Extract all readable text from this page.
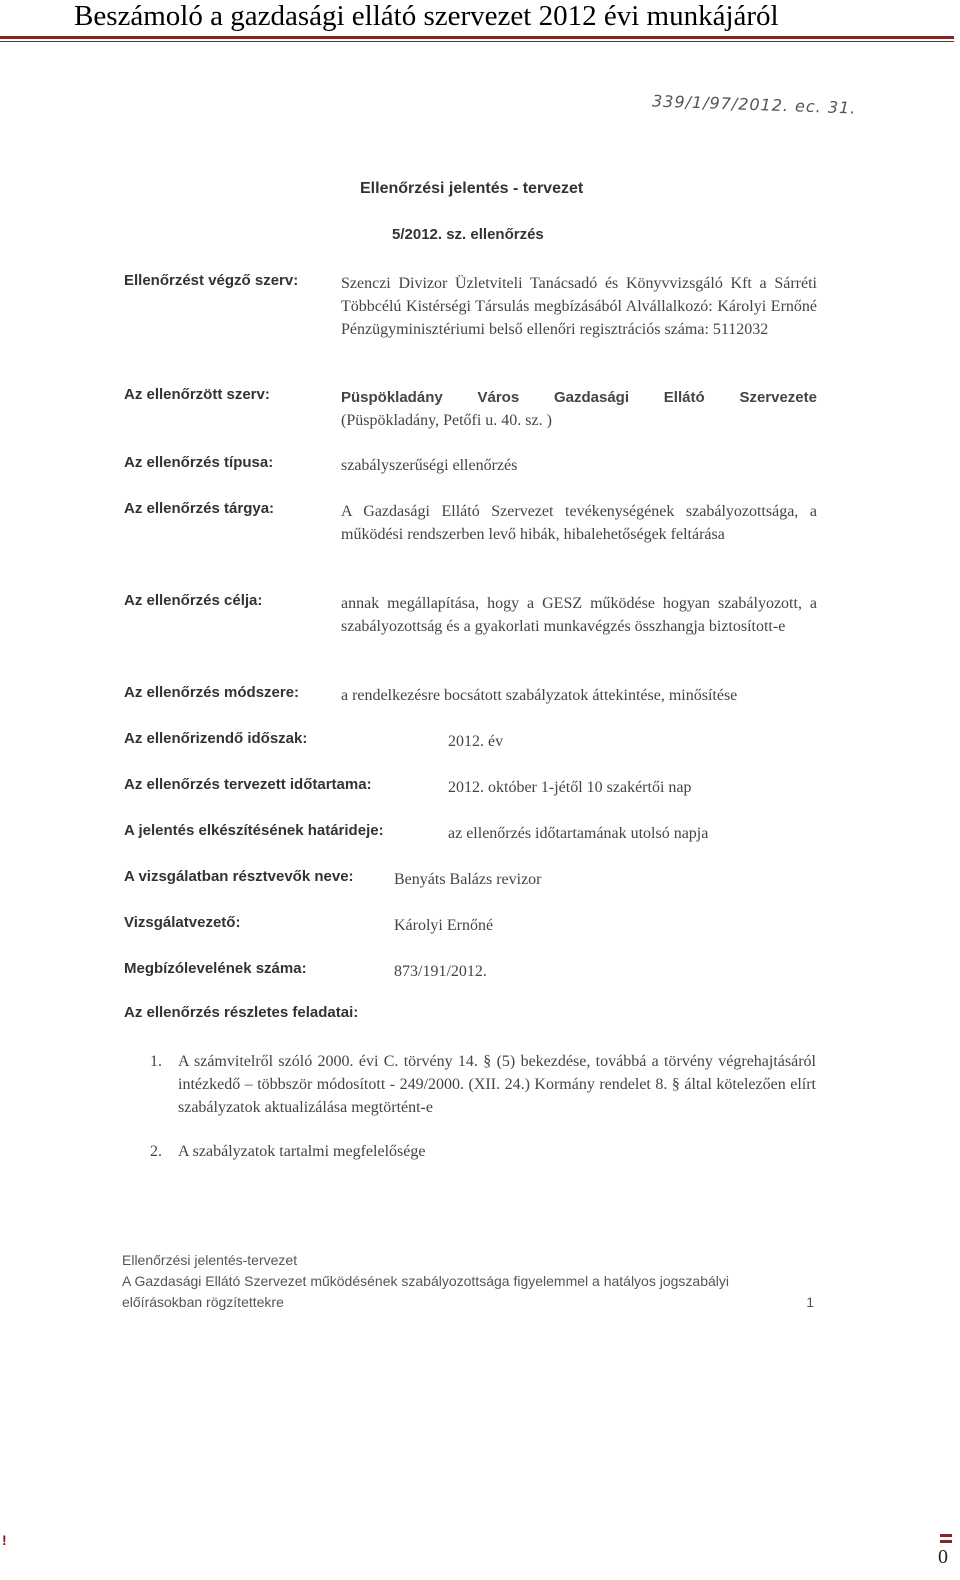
Beszámoló a gazdasági ellátó szervezet 2012 évi munkájáról
339/1/97/2012. ec. 31.
Ellenőrzési jelentés - tervezet
5/2012. sz. ellenőrzés
Ellenőrzést végző szerv:	Szenczi Divizor Üzletviteli Tanácsadó és Könyvvizsgáló Kft a Sárréti Többcélú Kistérségi Társulás megbízásából Alvállalkozó: Károlyi Ernőné Pénzügyminisztériumi belső ellenőri regisztrációs száma: 5112032
Az ellenőrzött szerv:	Püspökladány Város Gazdasági Ellátó Szervezete
(Püspökladány, Petőfi u. 40. sz. )
Az ellenőrzés típusa:	szabályszerűségi ellenőrzés
Az ellenőrzés tárgya:	A Gazdasági Ellátó Szervezet tevékenységének szabályozottsága, a működési rendszerben levő hibák, hibalehetőségek feltárása
Az ellenőrzés célja:	annak megállapítása, hogy a GESZ működése hogyan szabályozott, a szabályozottság és a gyakorlati munkavégzés összhangja biztosított-e
Az ellenőrzés módszere:	a rendelkezésre bocsátott szabályzatok áttekintése, minősítése
Az ellenőrizendő időszak:	2012. év
Az ellenőrzés tervezett időtartama:	2012. október 1-jétől 10 szakértői nap
A jelentés elkészítésének határideje:	az ellenőrzés időtartamának utolsó napja
A vizsgálatban résztvevők neve:	Benyáts Balázs revizor
Vizsgálatvezető:	Károlyi Ernőné
Megbízólevelének száma:	873/191/2012.
Az ellenőrzés részletes feladatai:
1. A számvitelről szóló 2000. évi C. törvény 14. § (5) bekezdése, továbbá a törvény végrehajtásáról intézkedő – többször módosított - 249/2000. (XII. 24.) Kormány rendelet 8. § által kötelezően elírt szabályzatok aktualizálása megtörtént-e
2. A szabályzatok tartalmi megfelelősége
Ellenőrzési jelentés-tervezet
A Gazdasági Ellátó Szervezet működésének szabályozottsága figyelemmel a hatályos jogszabályi előírásokban rögzítettekre	1
!
0
